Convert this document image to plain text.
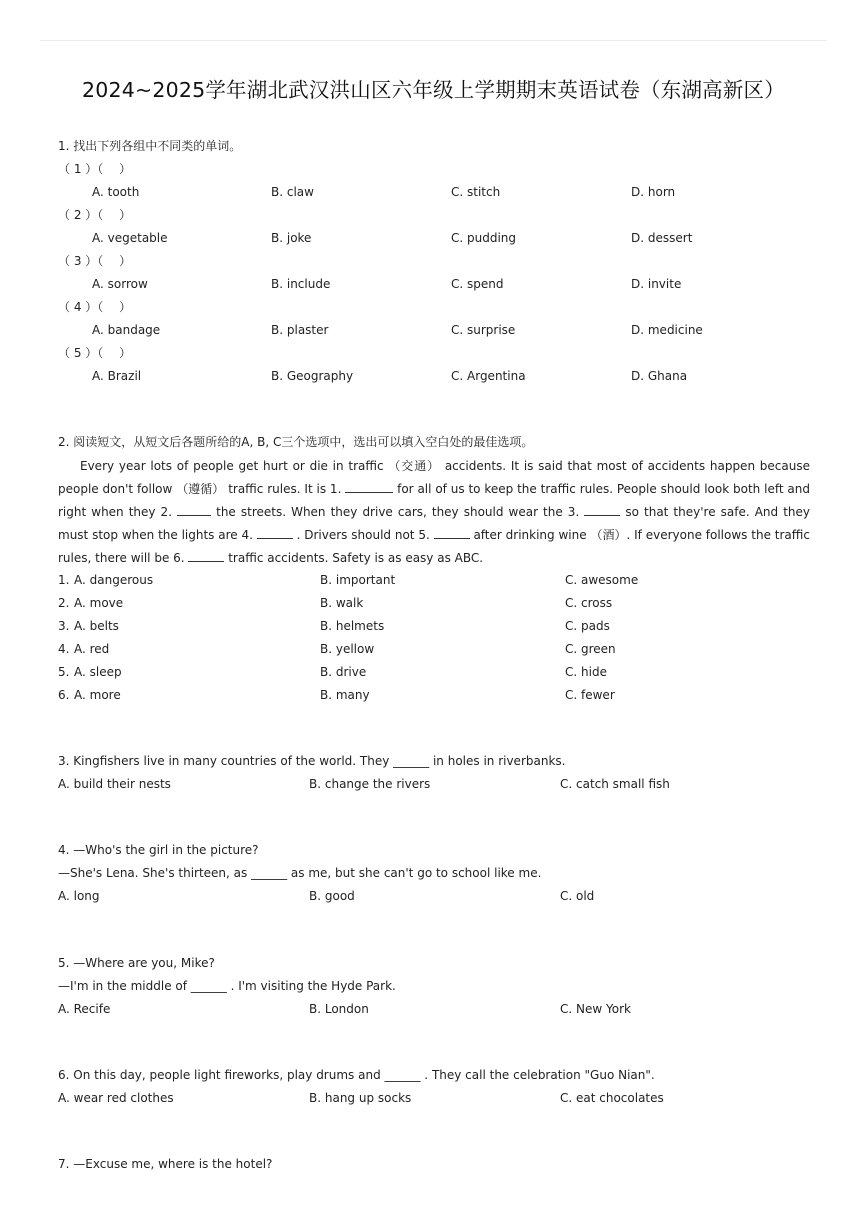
2024~2025学年湖北武汉洪山区六年级上学期期末英语试卷（东湖高新区）
1. 找出下列各组中不同类的单词。
（ 1 ）（　 ）
A. tooth	B. claw	C. stitch	D. horn
（ 2 ）（　 ）
A. vegetable	B. joke	C. pudding	D. dessert
（ 3 ）（　 ）
A. sorrow	B. include	C. spend	D. invite
（ 4 ）（　 ）
A. bandage	B. plaster	C. surprise	D. medicine
（ 5 ）（　 ）
A. Brazil	B. Geography	C. Argentina	D. Ghana
2. 阅读短文，从短文后各题所给的A, B, C三个选项中，选出可以填入空白处的最佳选项。
Every year lots of people get hurt or die in traffic （交通） accidents. It is said that most of accidents happen because people don't follow （遵循） traffic rules. It is 1.	for all of us to keep the traffic rules. People should look both left and right when they 2.	the streets. When they drive cars, they should wear the 3.	so that they're safe. And they must stop when the lights are 4.	. Drivers should not 5.	after drinking wine （酒）. If everyone follows the traffic rules, there will be 6.	traffic accidents. Safety is as easy as ABC.
1. A. dangerous	B. important	C. awesome
2. A. move	B. walk	C. cross
3. A. belts	B. helmets	C. pads
4. A. red	B. yellow	C. green
5. A. sleep	B. drive	C. hide
6. A. more	B. many	C. fewer
3. Kingfishers live in many countries of the world. They ______ in holes in riverbanks.
A. build their nests	B. change the rivers	C. catch small fish
4. —Who's the girl in the picture?
—She's Lena. She's thirteen, as ______ as me, but she can't go to school like me.
A. long	B. good	C. old
5. —Where are you, Mike?
—I'm in the middle of ______ . I'm visiting the Hyde Park.
A. Recife	B. London	C. New York
6. On this day, people light fireworks, play drums and ______ . They call the celebration "Guo Nian".
A. wear red clothes	B. hang up socks	C. eat chocolates
7. —Excuse me, where is the hotel?
